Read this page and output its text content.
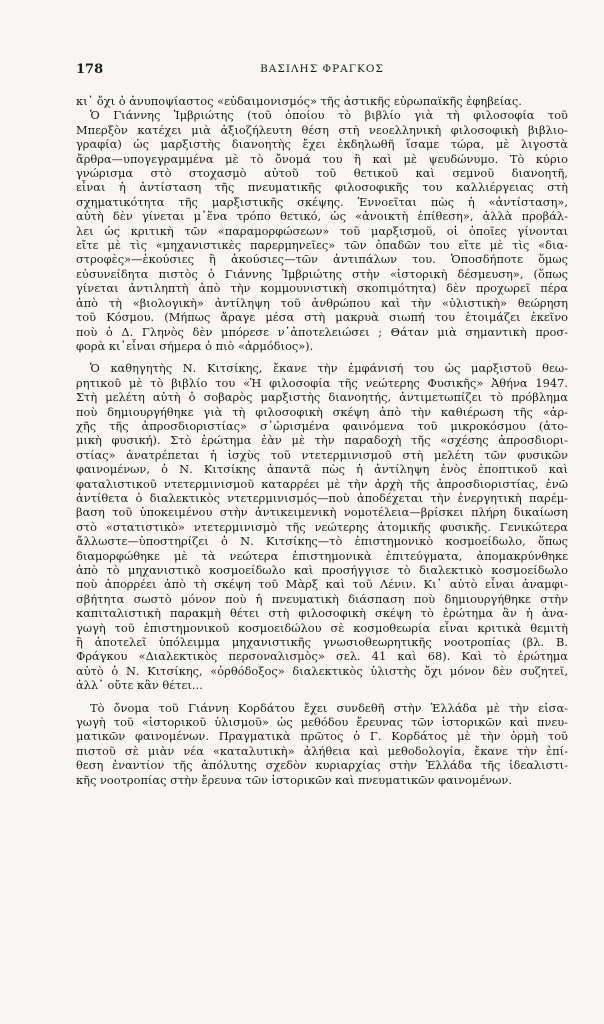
178	ΒΑΣΙΛΗΣ ΦΡΑΓΚΟΣ
κι᾿ ὄχι ὁ ἀνυποψίαστος «εὐδαιμονισμός» τῆς ἀστικῆς εὐρωπαϊκῆς ἐφηβείας.
Ὁ Γιάννης Ἰμβριώτης (τοῦ ὁποίου τὸ βιβλίο γιὰ τὴ φιλοσοφία τοῦ
Μπερξὸν κατέχει μιὰ ἀξιοζήλευτη θέση στὴ νεοελληνικὴ φιλοσοφικὴ βιβλιο-
γραφία) ὡς μαρξιστὴς διανοητὴς ἔχει ἐκδηλωθῆ ἴσαμε τώρα, μὲ λιγοστὰ
ἄρθρα—υπογεγραμμένα μὲ τὸ ὄνομά του ἢ καὶ μὲ ψευδώνυμο. Τὸ κύριο
γνώρισμα στὸ στοχασμὸ αὐτοῦ τοῦ θετικοῦ καὶ σεμνοῦ διανοητῆ,
εἶναι ἡ ἀντίσταση τῆς πνευματικῆς φιλοσοφικῆς του καλλιέργειας στὴ
σχηματικότητα τῆς μαρξιστικῆς σκέψης. Ἐννοεῖται πὼς ἡ «ἀντίσταση»,
αὐτὴ δὲν γίνεται μ᾿ἕνα τρόπο θετικό, ὡς «ἀνοικτὴ ἐπίθεση», ἀλλὰ προβάλ-
λει ὡς κριτικὴ τῶν «παραμορφώσεων» τοῦ μαρξισμοῦ, οἱ ὁποῖες γίνονται
εἴτε μὲ τὶς «μηχανιστικὲς παρερμηνεῖες» τῶν ὀπαδῶν του εἴτε μὲ τὶς «δια-
στροφὲς»—ἑκούσιες ἢ ἀκούσιες—τῶν ἀντιπάλων του. Ὁποσδήποτε ὅμως
εὐσυνείδητα πιστὸς ὁ Γιάννης Ἰμβριώτης στὴν «ἱστορικὴ δέσμευση», (ὅπως
γίνεται ἀντιληπτὴ ἀπὸ τὴν κομμουνιστικὴ σκοπιμότητα) δὲν προχωρεῖ πέρα
ἀπὸ τὴ «βιολογικὴ» ἀντίληψη τοῦ ἀνθρώπου καὶ τὴν «ὑλιστικὴ» θεώρηση
τοῦ Κόσμου. (Μήπως ἄραγε μέσα στὴ μακρυὰ σιωπή του ἑτοιμάζει ἐκεῖνο
ποὺ ὁ Δ. Γληνὸς δὲν μπόρεσε ν᾿ἀποτελειώσει ; Θάταν μιὰ σημαντικὴ προσ-
φορὰ κι᾿εἶναι σήμερα ὁ πιὸ «ἁρμόδιος»).
Ὁ καθηγητὴς Ν. Κιτσίκης, ἔκανε τὴν ἐμφάνισή του ὡς μαρξιστοῦ θεω-
ρητικοῦ μὲ τὸ βιβλίο του «Ἡ φιλοσοφία τῆς νεώτερης Φυσικῆς» Ἀθήνα 1947.
Στὴ μελέτη αὐτὴ ὁ σοβαρὸς μαρξιστὴς διανοητής, ἀντιμετωπίζει τὸ πρόβλημα
ποὺ δημιουργήθηκε γιὰ τὴ φιλοσοφικὴ σκέψη ἀπὸ τὴν καθιέρωση τῆς «ἀρ-
χῆς τῆς ἀπροσδιοριστίας» σ᾿ὡρισμένα φαινόμενα τοῦ μικροκόσμου (ἀτο-
μικὴ φυσική). Στὸ ἐρώτημα ἐὰν μὲ τὴν παραδοχὴ τῆς «σχέσης ἀπροσδιορι-
στίας» ἀνατρέπεται ἡ ἰσχὺς τοῦ ντετερμινισμοῦ στὴ μελέτη τῶν φυσικῶν
φαινομένων, ὁ Ν. Κιτσίκης ἀπαντᾶ πὼς ἡ ἀντίληψη ἑνὸς ἐποπτικοῦ καὶ
φαταλιστικοῦ ντετερμινισμοῦ καταρρέει μὲ τὴν ἀρχὴ τῆς ἀπροσδιοριστίας, ἐνῶ
ἀντίθετα ὁ διαλεκτικὸς ντετερμινισμός—ποὺ ἀποδέχεται τὴν ἐνεργητικὴ παρέμ-
βαση τοῦ ὑποκειμένου στὴν ἀντικειμενικὴ νομοτέλεια—βρίσκει πλήρη δικαίωση
στὸ «στατιστικὸ» ντετερμινισμὸ τῆς νεώτερης ἀτομικῆς φυσικῆς. Γενικώτερα
ἄλλωστε—ὑποστηρίζει ὁ Ν. Κιτσίκης—τὸ ἐπιστημονικὸ κοσμοείδωλο, ὅπως
διαμορφώθηκε μὲ τὰ νεώτερα ἐπιστημονικὰ ἐπιτεύγματα, ἀπομακρύνθηκε
ἀπὸ τὸ μηχανιστικὸ κοσμοείδωλο καὶ προσήγγισε τὸ διαλεκτικὸ κοσμοείδωλο
ποὺ ἀπορρέει ἀπὸ τὴ σκέψη τοῦ Μὰρξ καὶ τοῦ Λένιν. Κι᾿ αὐτὸ εἶναι ἀναμφι-
σβήτητα σωστὸ μόνον ποὺ ἡ πνευματικὴ διάσπαση ποὺ δημιουργήθηκε στὴν
καπιταλιστικὴ παρακμὴ θέτει στὴ φιλοσοφικὴ σκέψη τὸ ἐρώτημα ἂν ἡ ἀνα-
γωγὴ τοῦ ἐπιστημονικοῦ κοσμοειδώλου σὲ κοσμοθεωρία εἶναι κριτικὰ θεμιτὴ
ἢ ἀποτελεῖ ὑπόλειμμα μηχανιστικῆς γνωσιοθεωρητικῆς νοοτροπίας (βλ. Β.
Φράγκου «Διαλεκτικὸς περσοναλισμὸς» σελ. 41 καὶ 68). Καὶ τὸ ἐρώτημα
αὐτὸ ὁ Ν. Κιτσίκης, «ὀρθόδοξος» διαλεκτικὸς ὑλιστὴς ὄχι μόνον δὲν συζητεῖ,
ἀλλ᾿ οὔτε κἂν θέτει...
Τὸ ὄνομα τοῦ Γιάννη Κορδάτου ἔχει συνδεθῆ στὴν Ἑλλάδα μὲ τὴν εἰσα-
γωγὴ τοῦ «ἱστορικοῦ ὑλισμοῦ» ὡς μεθόδου ἔρευνας τῶν ἱστορικῶν καὶ πνευ-
ματικῶν φαινομένων. Πραγματικὰ πρῶτος ὁ Γ. Κορδάτος μὲ τὴν ὁρμὴ τοῦ
πιστοῦ σὲ μιὰν νέα «καταλυτικὴ» ἀλήθεια καὶ μεθοδολογία, ἔκανε τὴν ἐπί-
θεση ἐναντίον τῆς ἀπόλυτης σχεδὸν κυριαρχίας στὴν Ἑλλάδα τῆς ἰδεαλιστι-
κῆς νοοτροπίας στὴν ἔρευνα τῶν ἱστορικῶν καὶ πνευματικῶν φαινομένων.
